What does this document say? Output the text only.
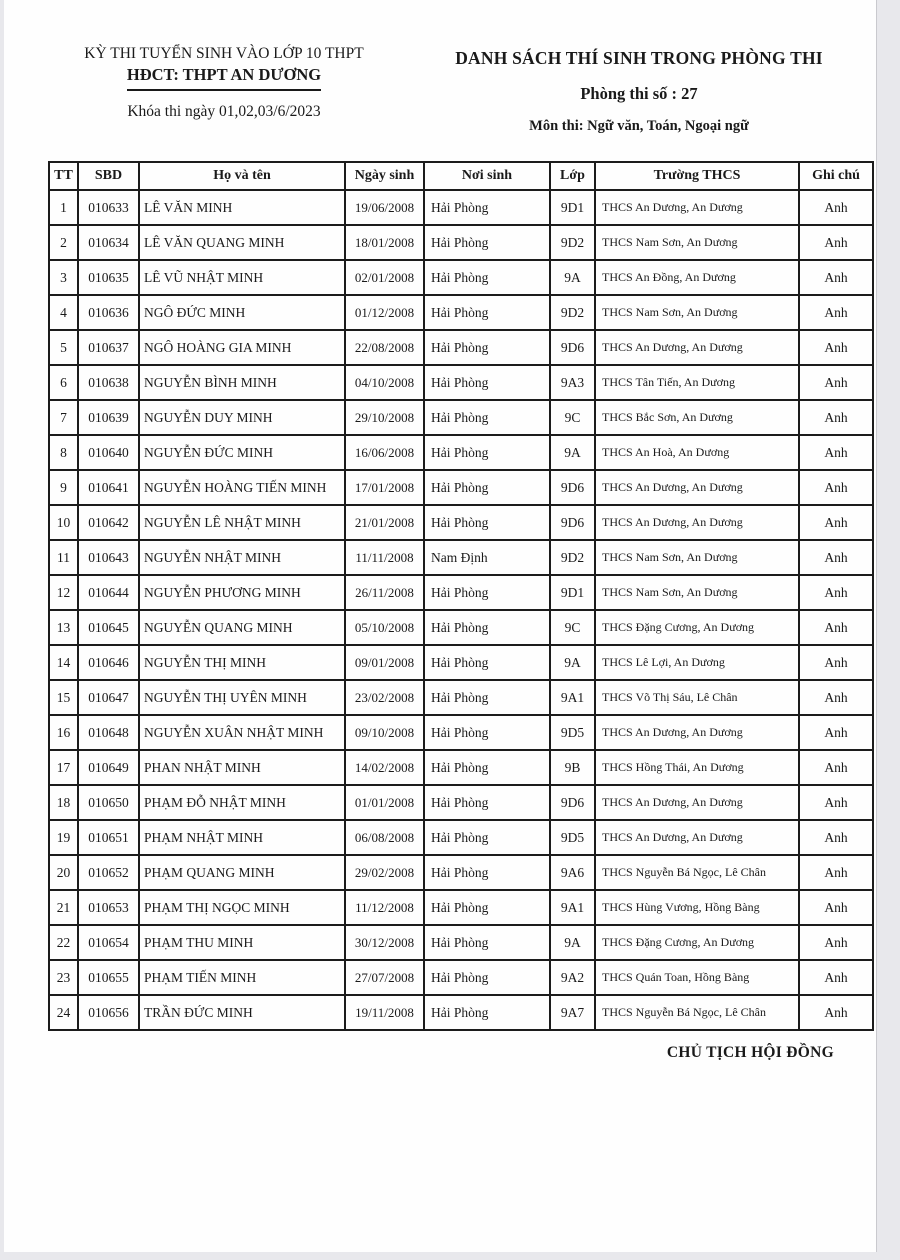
KỲ THI TUYỂN SINH VÀO LỚP 10 THPT
HĐCT: THPT AN DƯƠNG
Khóa thi ngày 01,02,03/6/2023
DANH SÁCH THÍ SINH TRONG PHÒNG THI
Phòng thi số : 27
Môn thi: Ngữ văn, Toán, Ngoại ngữ
TT	SBD	Họ và tên	Ngày sinh	Nơi sinh	Lớp	Trường THCS	Ghi chú
1	010633	LÊ VĂN MINH	19/06/2008	Hải Phòng	9D1	THCS An Dương, An Dương	Anh
2	010634	LÊ VĂN QUANG MINH	18/01/2008	Hải Phòng	9D2	THCS Nam Sơn, An Dương	Anh
3	010635	LÊ VŨ NHẬT MINH	02/01/2008	Hải Phòng	9A	THCS An Đồng, An Dương	Anh
4	010636	NGÔ ĐỨC MINH	01/12/2008	Hải Phòng	9D2	THCS Nam Sơn, An Dương	Anh
5	010637	NGÔ HOÀNG GIA MINH	22/08/2008	Hải Phòng	9D6	THCS An Dương, An Dương	Anh
6	010638	NGUYỄN BÌNH MINH	04/10/2008	Hải Phòng	9A3	THCS Tân Tiến, An Dương	Anh
7	010639	NGUYỄN DUY MINH	29/10/2008	Hải Phòng	9C	THCS Bắc Sơn, An Dương	Anh
8	010640	NGUYỄN ĐỨC MINH	16/06/2008	Hải Phòng	9A	THCS An Hoà, An Dương	Anh
9	010641	NGUYỄN HOÀNG TIẾN MINH	17/01/2008	Hải Phòng	9D6	THCS An Dương, An Dương	Anh
10	010642	NGUYỄN LÊ NHẬT MINH	21/01/2008	Hải Phòng	9D6	THCS An Dương, An Dương	Anh
11	010643	NGUYỄN NHẬT MINH	11/11/2008	Nam Định	9D2	THCS Nam Sơn, An Dương	Anh
12	010644	NGUYỄN PHƯƠNG MINH	26/11/2008	Hải Phòng	9D1	THCS Nam Sơn, An Dương	Anh
13	010645	NGUYỄN QUANG MINH	05/10/2008	Hải Phòng	9C	THCS Đặng Cương, An Dương	Anh
14	010646	NGUYỄN THỊ MINH	09/01/2008	Hải Phòng	9A	THCS Lê Lợi, An Dương	Anh
15	010647	NGUYỄN THỊ UYÊN MINH	23/02/2008	Hải Phòng	9A1	THCS Võ Thị Sáu, Lê Chân	Anh
16	010648	NGUYỄN XUÂN NHẬT MINH	09/10/2008	Hải Phòng	9D5	THCS An Dương, An Dương	Anh
17	010649	PHAN NHẬT MINH	14/02/2008	Hải Phòng	9B	THCS Hồng Thái, An Dương	Anh
18	010650	PHẠM ĐỖ NHẬT MINH	01/01/2008	Hải Phòng	9D6	THCS An Dương, An Dương	Anh
19	010651	PHẠM NHẬT MINH	06/08/2008	Hải Phòng	9D5	THCS An Dương, An Dương	Anh
20	010652	PHẠM QUANG MINH	29/02/2008	Hải Phòng	9A6	THCS Nguyễn Bá Ngọc, Lê Chân	Anh
21	010653	PHẠM THỊ NGỌC MINH	11/12/2008	Hải Phòng	9A1	THCS Hùng Vương, Hồng Bàng	Anh
22	010654	PHẠM THU MINH	30/12/2008	Hải Phòng	9A	THCS Đặng Cương, An Dương	Anh
23	010655	PHẠM TIẾN MINH	27/07/2008	Hải Phòng	9A2	THCS Quán Toan, Hồng Bàng	Anh
24	010656	TRẦN ĐỨC MINH	19/11/2008	Hải Phòng	9A7	THCS Nguyễn Bá Ngọc, Lê Chân	Anh
CHỦ TỊCH HỘI ĐỒNG
